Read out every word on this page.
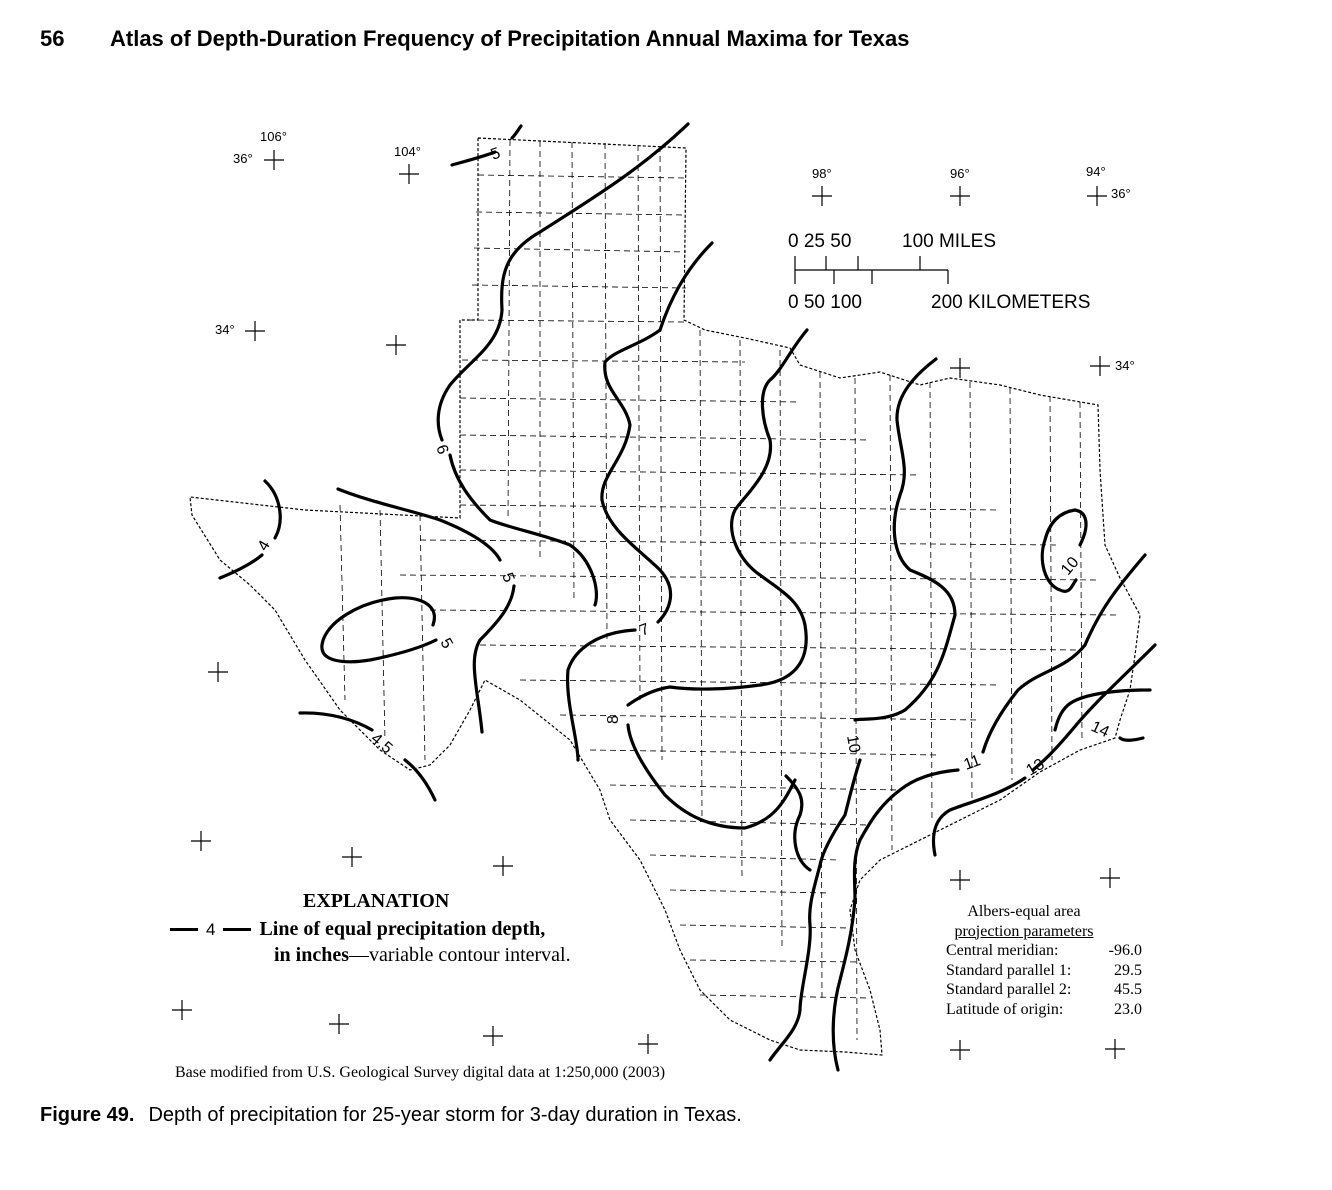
56 Atlas of Depth-Duration Frequency of Precipitation Annual Maxima for Texas
106°
104°
98°	96°	94°
36°
36°
34°
34°
0 25 50	100 MILES
0 50 100	200 KILOMETERS
5
6
4
5
5
4.5
7
8
10
10
11	13
14
EXPLANATION
4 Line of equal precipitation depth,
in inches—variable contour interval.
Albers-equal area
projection parameters
Central meridian:	-96.0
Standard parallel 1:	29.5
Standard parallel 2:	45.5
Latitude of origin:	23.0
Base modified from U.S. Geological Survey digital data at 1:250,000 (2003)
Figure 49. Depth of precipitation for 25-year storm for 3-day duration in Texas.
